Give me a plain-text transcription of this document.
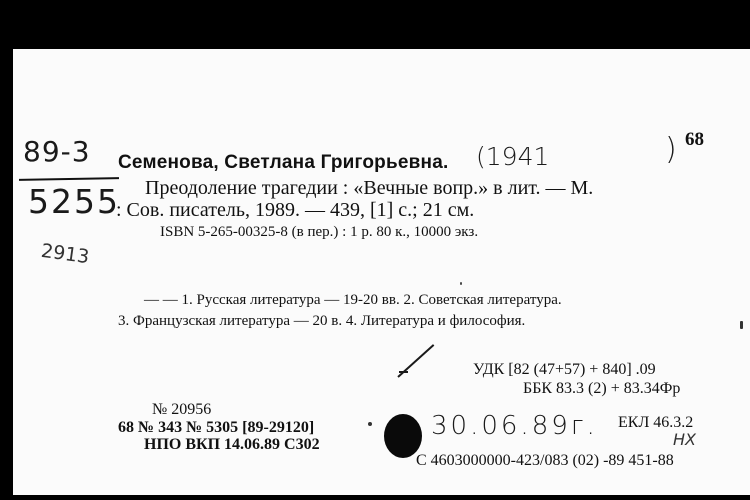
89-3
5255
2913
68
)
Семенова, Светлана Григорьевна. (1941
Преодоление трагедии : «Вечные вопр.» в лит. — М.
: Сов. писатель, 1989. — 439, [1] с.; 21 см.
ISBN 5-265-00325-8 (в пер.) : 1 р. 80 к., 10000 экз.
— — 1. Русская литература — 19-20 вв. 2. Советская литература.
3. Французская литература — 20 в. 4. Литература и философия.
УДК [82 (47+57) + 840] .09
ББК 83.3 (2) + 83.34Фр
№ 20956
68 № 343 № 5305 [89-29120]
НПО ВКП 14.06.89 С302
30.06.89г. ЕКЛ 46.3.2
НХ
С 4603000000-423/083 (02) -89 451-88
